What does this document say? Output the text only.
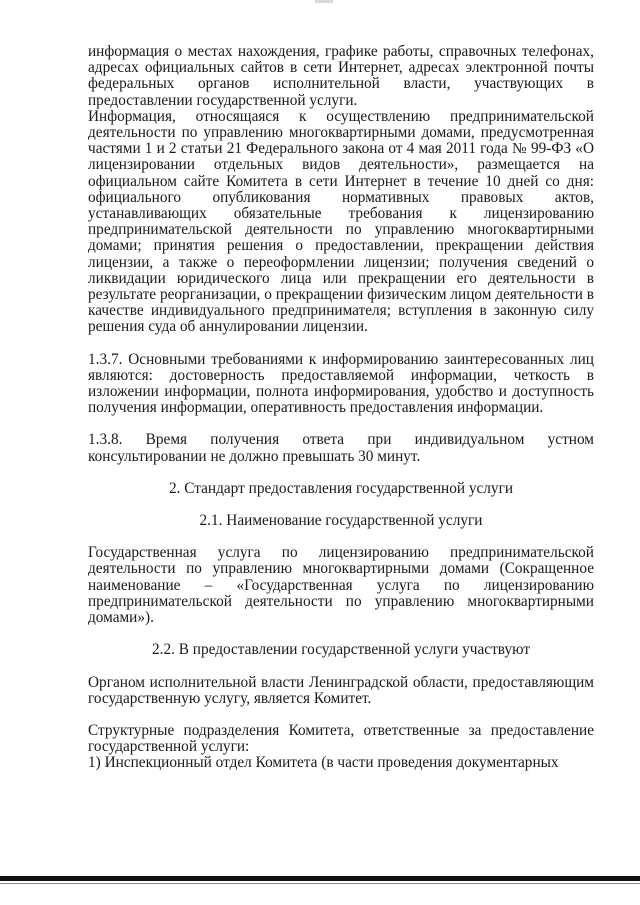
информация о местах нахождения, графике работы, справочных телефонах, адресах официальных сайтов в сети Интернет, адресах электронной почты федеральных органов исполнительной власти, участвующих в предоставлении государственной услуги.

Информация, относящаяся к осуществлению предпринимательской деятельности по управлению многоквартирными домами, предусмотренная частями 1 и 2 статьи 21 Федерального закона от 4 мая 2011 года № 99-ФЗ «О лицензировании отдельных видов деятельности», размещается на официальном сайте Комитета в сети Интернет в течение 10 дней со дня: официального опубликования нормативных правовых актов, устанавливающих обязательные требования к лицензированию предпринимательской деятельности по управлению многоквартирными домами; принятия решения о предоставлении, прекращении действия лицензии, а также о переоформлении лицензии; получения сведений о ликвидации юридического лица или прекращении его деятельности в результате реорганизации, о прекращении физическим лицом деятельности в качестве индивидуального предпринимателя; вступления в законную силу решения суда об аннулировании лицензии.

1.3.7. Основными требованиями к информированию заинтересованных лиц являются: достоверность предоставляемой информации, четкость в изложении информации, полнота информирования, удобство и доступность получения информации, оперативность предоставления информации.

1.3.8. Время получения ответа при индивидуальном устном консультировании не должно превышать 30 минут.

2. Стандарт предоставления государственной услуги

2.1. Наименование государственной услуги

Государственная услуга по лицензированию предпринимательской деятельности по управлению многоквартирными домами (Сокращенное наименование – «Государственная услуга по лицензированию предпринимательской деятельности по управлению многоквартирными домами»).

2.2. В предоставлении государственной услуги участвуют

Органом исполнительной власти Ленинградской области, предоставляющим государственную услугу, является Комитет.

Структурные подразделения Комитета, ответственные за предоставление государственной услуги:

1) Инспекционный отдел Комитета (в части проведения документарных
